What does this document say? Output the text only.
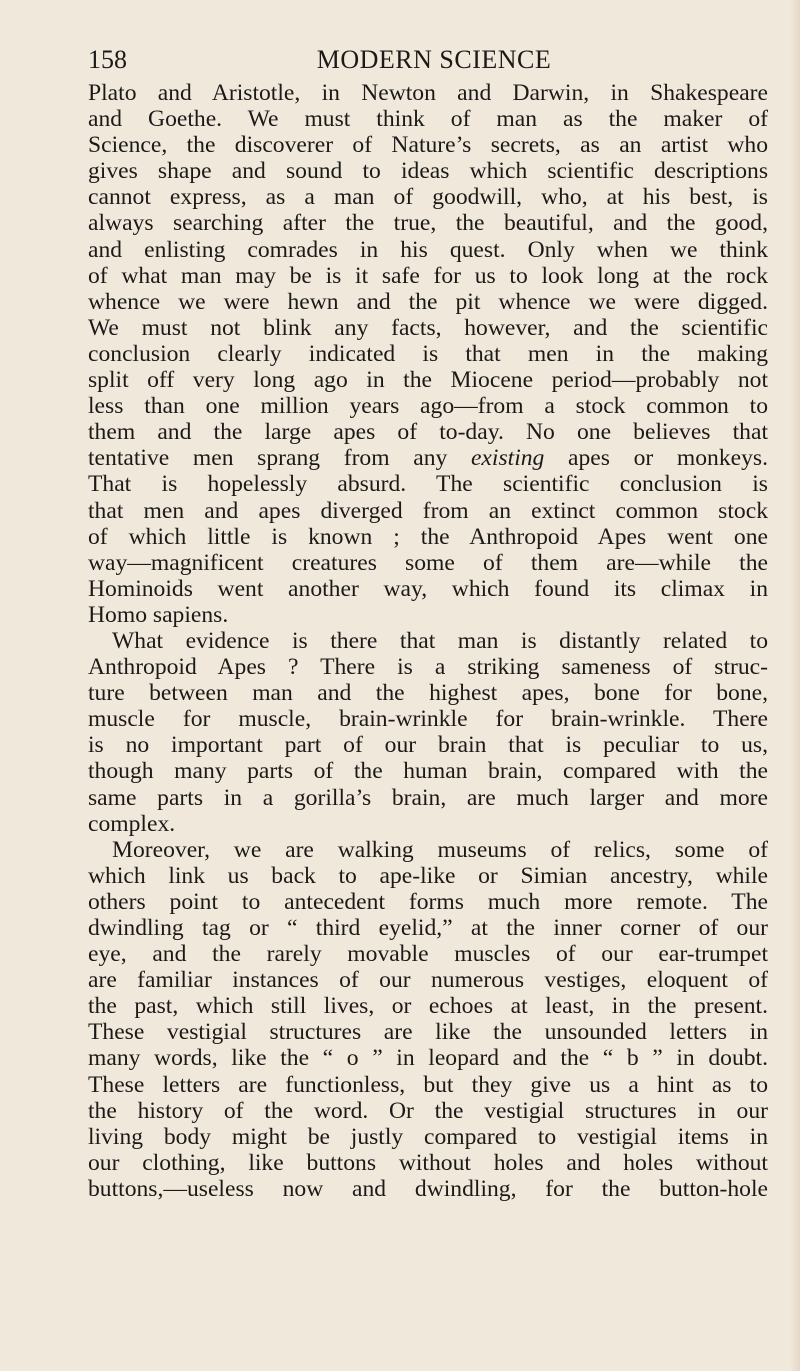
158	MODERN SCIENCE
Plato and Aristotle, in Newton and Darwin, in Shakespeare
and Goethe. We must think of man as the maker of
Science, the discoverer of Nature’s secrets, as an artist who
gives shape and sound to ideas which scientific descriptions
cannot express, as a man of goodwill, who, at his best, is
always searching after the true, the beautiful, and the good,
and enlisting comrades in his quest. Only when we think
of what man may be is it safe for us to look long at the rock
whence we were hewn and the pit whence we were digged.
We must not blink any facts, however, and the scientific
conclusion clearly indicated is that men in the making
split off very long ago in the Miocene period—probably not
less than one million years ago—from a stock common to
them and the large apes of to-day. No one believes that
tentative men sprang from any existing apes or monkeys.
That is hopelessly absurd. The scientific conclusion is
that men and apes diverged from an extinct common stock
of which little is known ; the Anthropoid Apes went one
way—magnificent creatures some of them are—while the
Hominoids went another way, which found its climax in
Homo sapiens.
What evidence is there that man is distantly related to
Anthropoid Apes ? There is a striking sameness of struc-
ture between man and the highest apes, bone for bone,
muscle for muscle, brain-wrinkle for brain-wrinkle. There
is no important part of our brain that is peculiar to us,
though many parts of the human brain, compared with the
same parts in a gorilla’s brain, are much larger and more
complex.
Moreover, we are walking museums of relics, some of
which link us back to ape-like or Simian ancestry, while
others point to antecedent forms much more remote. The
dwindling tag or “ third eyelid,” at the inner corner of our
eye, and the rarely movable muscles of our ear-trumpet
are familiar instances of our numerous vestiges, eloquent of
the past, which still lives, or echoes at least, in the present.
These vestigial structures are like the unsounded letters in
many words, like the “ o ” in leopard and the “ b ” in doubt.
These letters are functionless, but they give us a hint as to
the history of the word. Or the vestigial structures in our
living body might be justly compared to vestigial items in
our clothing, like buttons without holes and holes without
buttons,—useless now and dwindling, for the button-hole
